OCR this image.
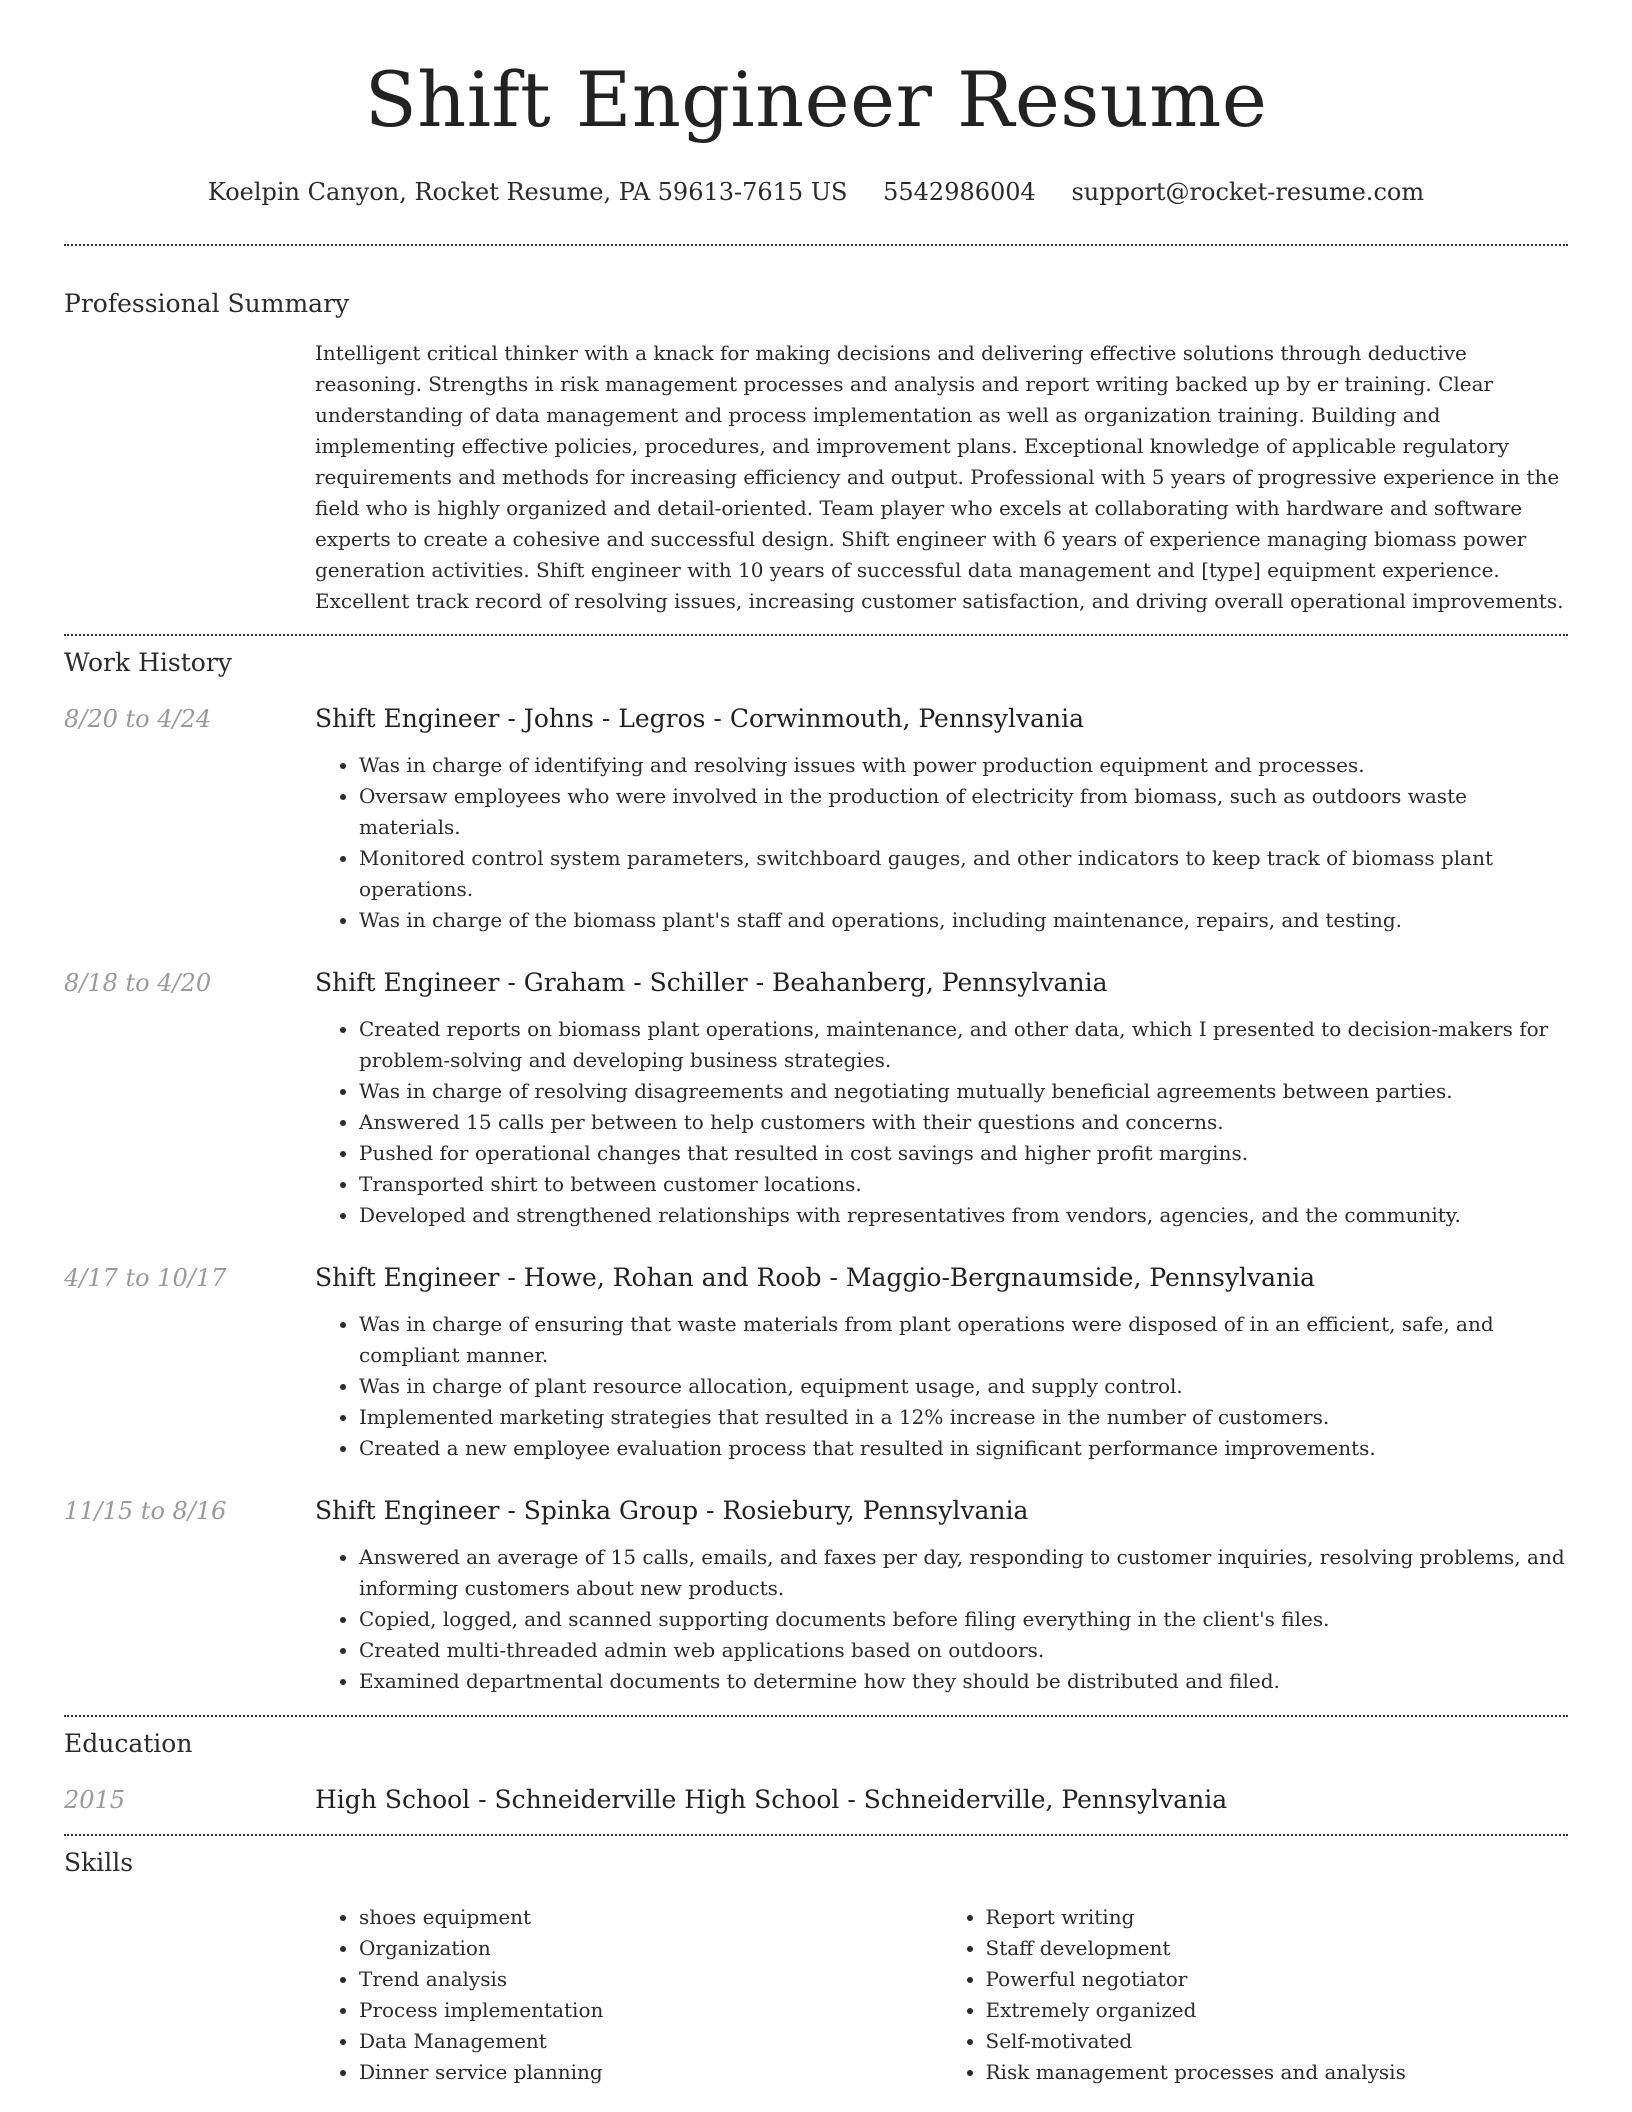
Shift Engineer Resume
Koelpin Canyon, Rocket Resume, PA 59613-7615 US 5542986004 support@rocket-resume.com
Professional Summary

Intelligent critical thinker with a knack for making decisions and delivering effective solutions through deductive reasoning. Strengths in risk management processes and analysis and report writing backed up by er training. Clear understanding of data management and process implementation as well as organization training. Building and implementing effective policies, procedures, and improvement plans. Exceptional knowledge of applicable regulatory requirements and methods for increasing efficiency and output. Professional with 5 years of progressive experience in the field who is highly organized and detail-oriented. Team player who excels at collaborating with hardware and software experts to create a cohesive and successful design. Shift engineer with 6 years of experience managing biomass power generation activities. Shift engineer with 10 years of successful data management and [type] equipment experience. Excellent track record of resolving issues, increasing customer satisfaction, and driving overall operational improvements.

Work History
8/20 to 4/24	Shift Engineer - Johns - Legros - Corwinmouth, Pennsylvania
• Was in charge of identifying and resolving issues with power production equipment and processes.
• Oversaw employees who were involved in the production of electricity from biomass, such as outdoors waste materials.
• Monitored control system parameters, switchboard gauges, and other indicators to keep track of biomass plant operations.
• Was in charge of the biomass plant's staff and operations, including maintenance, repairs, and testing.
8/18 to 4/20	Shift Engineer - Graham - Schiller - Beahanberg, Pennsylvania
• Created reports on biomass plant operations, maintenance, and other data, which I presented to decision-makers for problem-solving and developing business strategies.
• Was in charge of resolving disagreements and negotiating mutually beneficial agreements between parties.
• Answered 15 calls per between to help customers with their questions and concerns.
• Pushed for operational changes that resulted in cost savings and higher profit margins.
• Transported shirt to between customer locations.
• Developed and strengthened relationships with representatives from vendors, agencies, and the community.
4/17 to 10/17	Shift Engineer - Howe, Rohan and Roob - Maggio-Bergnaumside, Pennsylvania
• Was in charge of ensuring that waste materials from plant operations were disposed of in an efficient, safe, and compliant manner.
• Was in charge of plant resource allocation, equipment usage, and supply control.
• Implemented marketing strategies that resulted in a 12% increase in the number of customers.
• Created a new employee evaluation process that resulted in significant performance improvements.
11/15 to 8/16	Shift Engineer - Spinka Group - Rosiebury, Pennsylvania
• Answered an average of 15 calls, emails, and faxes per day, responding to customer inquiries, resolving problems, and informing customers about new products.
• Copied, logged, and scanned supporting documents before filing everything in the client's files.
• Created multi-threaded admin web applications based on outdoors.
• Examined departmental documents to determine how they should be distributed and filed.
Education
2015	High School - Schneiderville High School - Schneiderville, Pennsylvania
Skills
• shoes equipment
• Organization
• Trend analysis
• Process implementation
• Data Management
• Dinner service planning
• Report writing
• Staff development
• Powerful negotiator
• Extremely organized
• Self-motivated
• Risk management processes and analysis
